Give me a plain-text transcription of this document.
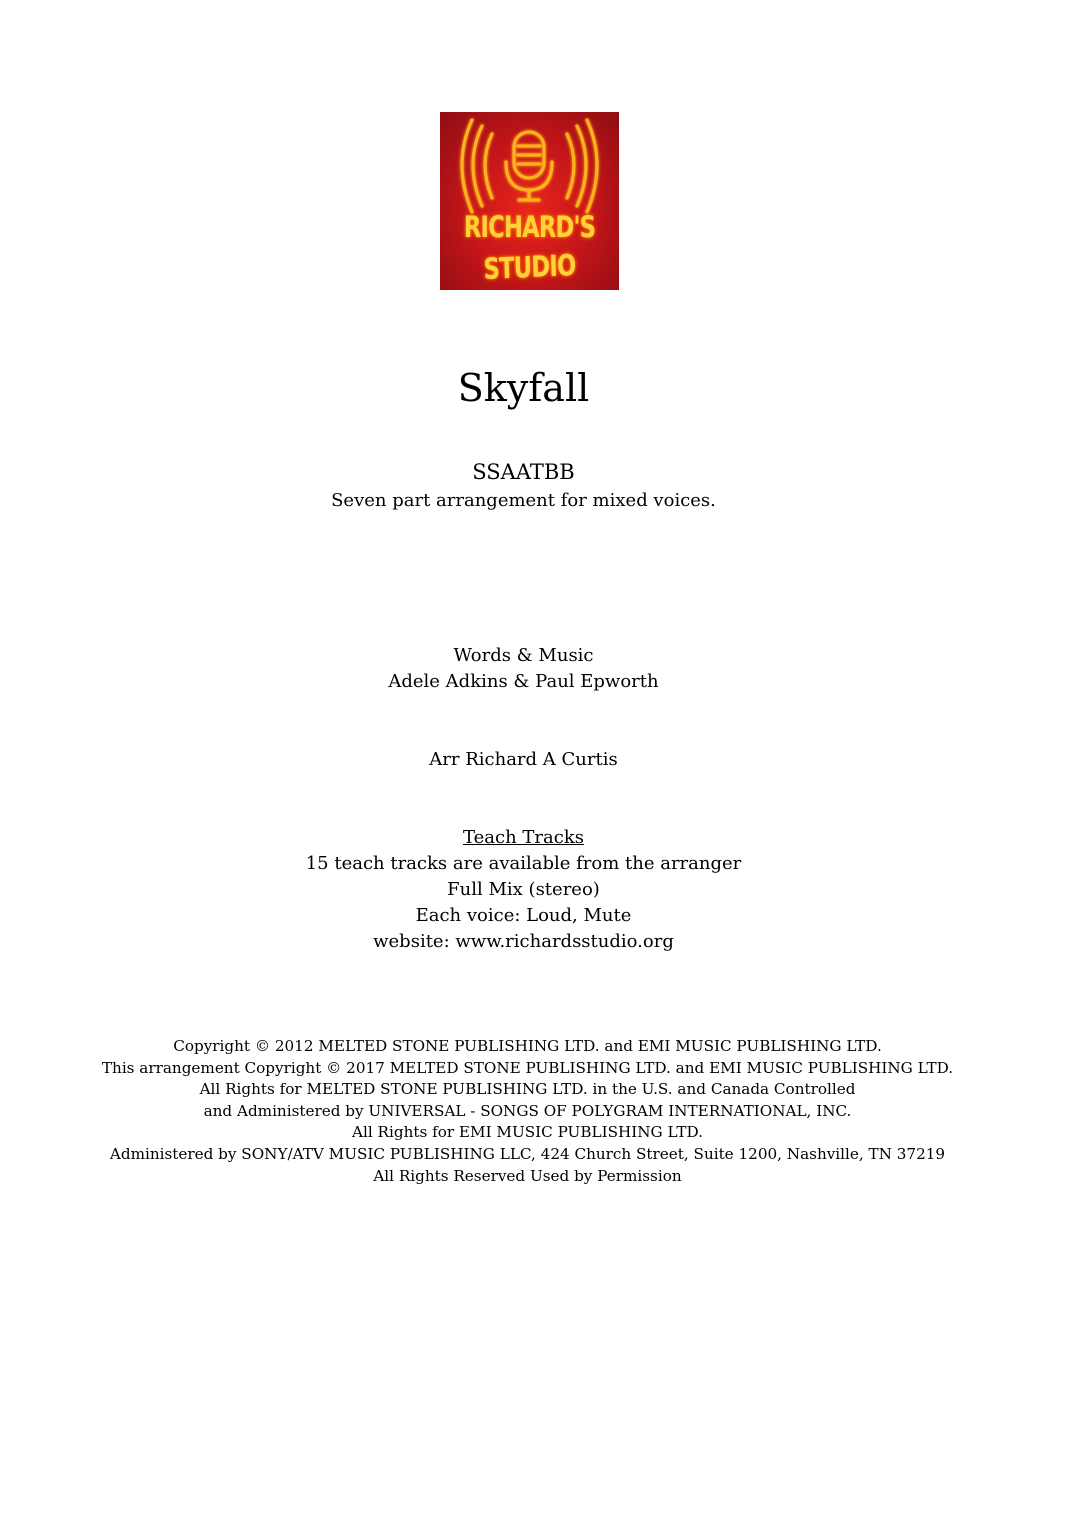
RICHARD'S
STUDIO
Skyfall
SSAATBB
Seven part arrangement for mixed voices.
Words & Music
Adele Adkins & Paul Epworth
Arr Richard A Curtis
Teach Tracks
15 teach tracks are available from the arranger
Full Mix (stereo)
Each voice: Loud, Mute
website: www.richardsstudio.org
Copyright © 2012 MELTED STONE PUBLISHING LTD. and EMI MUSIC PUBLISHING LTD.
This arrangement Copyright © 2017 MELTED STONE PUBLISHING LTD. and EMI MUSIC PUBLISHING LTD.
All Rights for MELTED STONE PUBLISHING LTD. in the U.S. and Canada Controlled
and Administered by UNIVERSAL - SONGS OF POLYGRAM INTERNATIONAL, INC.
All Rights for EMI MUSIC PUBLISHING LTD.
Administered by SONY/ATV MUSIC PUBLISHING LLC, 424 Church Street, Suite 1200, Nashville, TN 37219
All Rights Reserved Used by Permission
